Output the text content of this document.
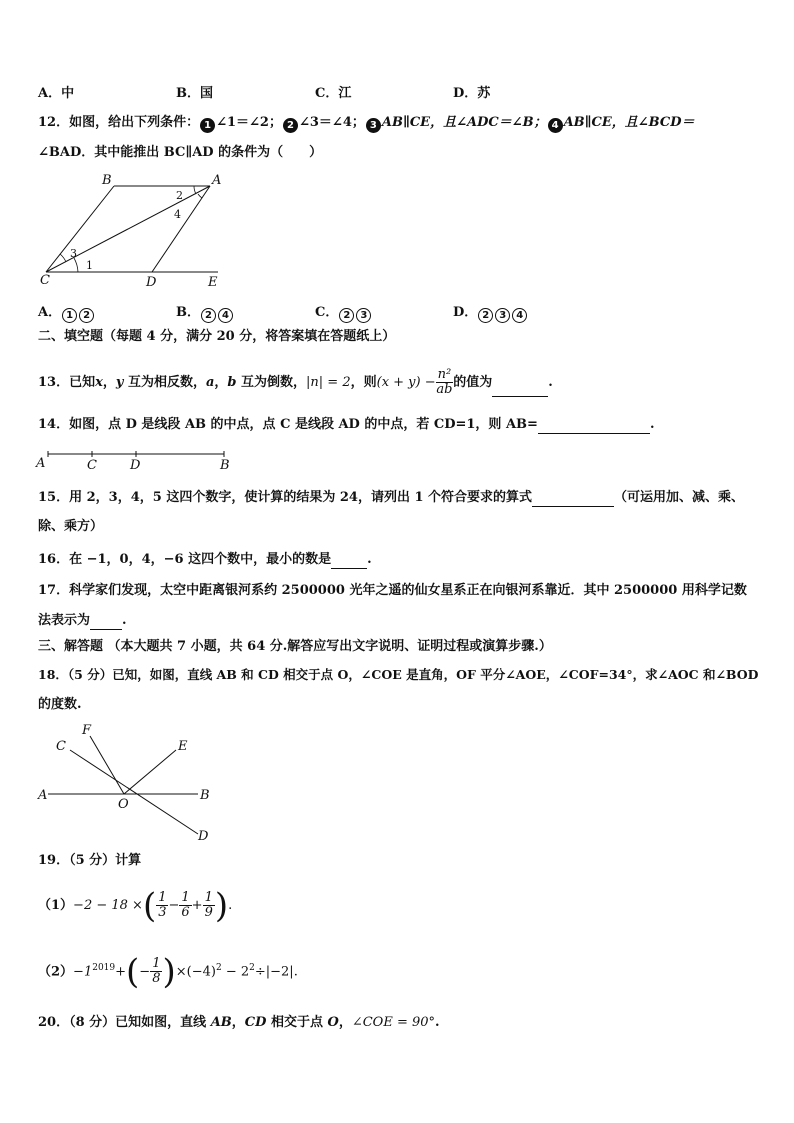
A．中	B．国	C．江	D．苏
12．如图，给出下列条件： 1 ∠1＝∠2； 2 ∠3＝∠4； 3 AB∥CE，且∠ADC＝∠B； 4 AB∥CE，且∠BCD＝
∠BAD．其中能推出 BC∥AD 的条件为（　　）
B	A
C	D	E
1
2
3
4
A． 1 2	B． 2 4	C． 2 3	D． 2 3 4
二、填空题（每题 4 分，满分 20 分，将答案填在答题纸上）
13．已知x，y 互为相反数，a，b 互为倒数，|n| = 2，则$(x + y) - \frac{\text{n²}}{ab}$ 的值为	.
14．如图，点 D 是线段 AB 的中点，点 C 是线段 AD 的中点，若 CD=1，则 AB=	.
A	C	D	B
15．用 2，3，4，5 这四个数字，使计算的结果为 24，请列出 1 个符合要求的算式	（可运用加、减、乘、
除、乘方）
16．在 −1，0，4，−6 这四个数中，最小的数是	.
17．科学家们发现，太空中距离银河系约 2500000 光年之遥的仙女星系正在向银河系靠近．其中 2500000 用科学记数
法表示为 .
三、解答题 （本大题共 7 小题，共 64 分.解答应写出文字说明、证明过程或演算步骤.）
18．（5 分）已知，如图，直线 AB 和 CD 相交于点 O，∠COE 是直角，OF 平分∠AOE，∠COF=34°，求∠AOC 和∠BOD
的度数.
A	B
C
D
E
F
O
19．（5 分）计算
（1）−2 − 18 ×( $\frac{1}{3} - \frac{1}{6} + \frac{1}{9}$ ).
$(2)-1^{2019}+(- \frac{1}{8} )\times(-4)^2 - 2^2\div|-2|$.
20．（8 分）已知如图，直线 AB，CD 相交于点 O，∠COE = 90°.
